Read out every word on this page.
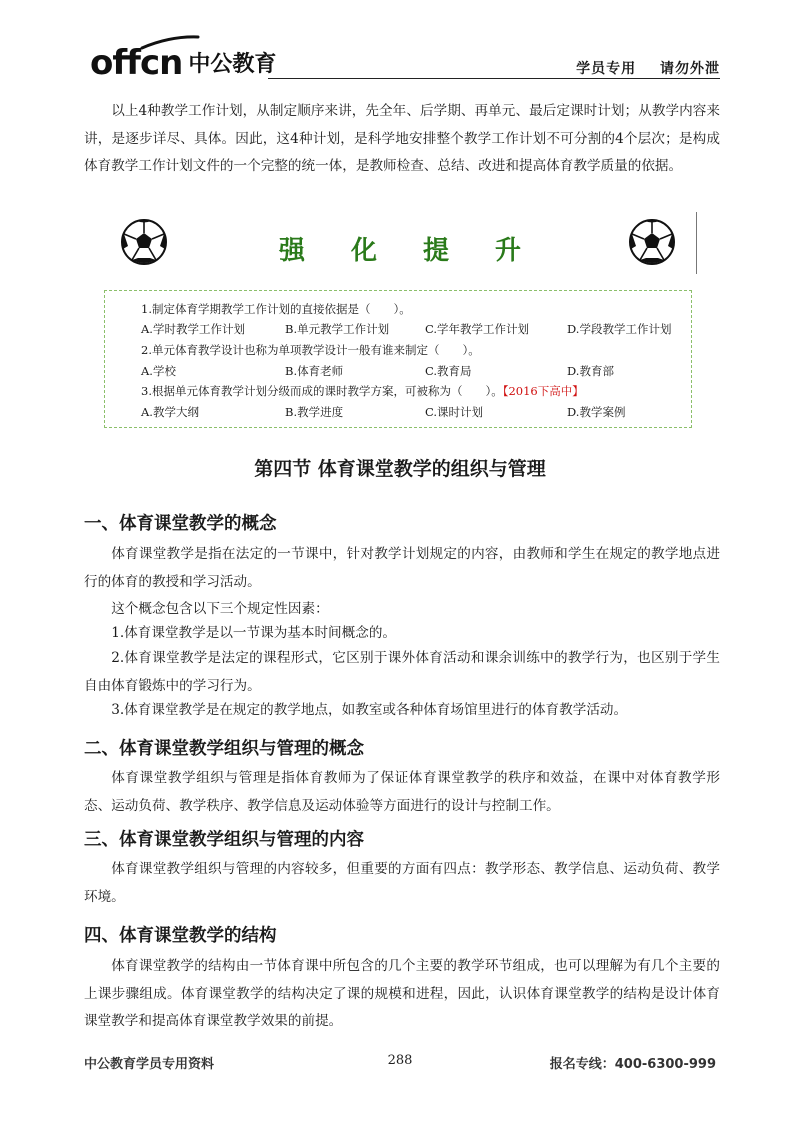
offcn 中公教育	学员专用 请勿外泄

以上4种教学工作计划，从制定顺序来讲，先全年、后学期、再单元、最后定课时计划；从教学内容来讲，是逐步详尽、具体。因此，这4种计划，是科学地安排整个教学工作计划不可分割的4个层次；是构成体育教学工作计划文件的一个完整的统一体，是教师检查、总结、改进和提高体育教学质量的依据。

强化提升
1.制定体育学期教学工作计划的直接依据是（　　）。
A.学时教学工作计划	B.单元教学工作计划	C.学年教学工作计划	D.学段教学工作计划
2.单元体育教学设计也称为单项教学设计一般有谁来制定（　　）。
A.学校	B.体育老师	C.教育局	D.教育部
3.根据单元体育教学计划分级而成的课时教学方案，可被称为（　　）。【2016下高中】
A.教学大纲	B.教学进度	C.课时计划	D.教学案例
第四节 体育课堂教学的组织与管理
一、体育课堂教学的概念

体育课堂教学是指在法定的一节课中，针对教学计划规定的内容，由教师和学生在规定的教学地点进行的体育的教授和学习活动。

这个概念包含以下三个规定性因素：

1.体育课堂教学是以一节课为基本时间概念的。

2.体育课堂教学是法定的课程形式，它区别于课外体育活动和课余训练中的教学行为，也区别于学生自由体育锻炼中的学习行为。

3.体育课堂教学是在规定的教学地点，如教室或各种体育场馆里进行的体育教学活动。

二、体育课堂教学组织与管理的概念

体育课堂教学组织与管理是指体育教师为了保证体育课堂教学的秩序和效益，在课中对体育教学形态、运动负荷、教学秩序、教学信息及运动体验等方面进行的设计与控制工作。

三、体育课堂教学组织与管理的内容

体育课堂教学组织与管理的内容较多，但重要的方面有四点：教学形态、教学信息、运动负荷、教学环境。

四、体育课堂教学的结构

体育课堂教学的结构由一节体育课中所包含的几个主要的教学环节组成，也可以理解为有几个主要的上课步骤组成。体育课堂教学的结构决定了课的规模和进程，因此，认识体育课堂教学的结构是设计体育课堂教学和提高体育课堂教学效果的前提。

中公教育学员专用资料	288	报名专线：400-6300-999
